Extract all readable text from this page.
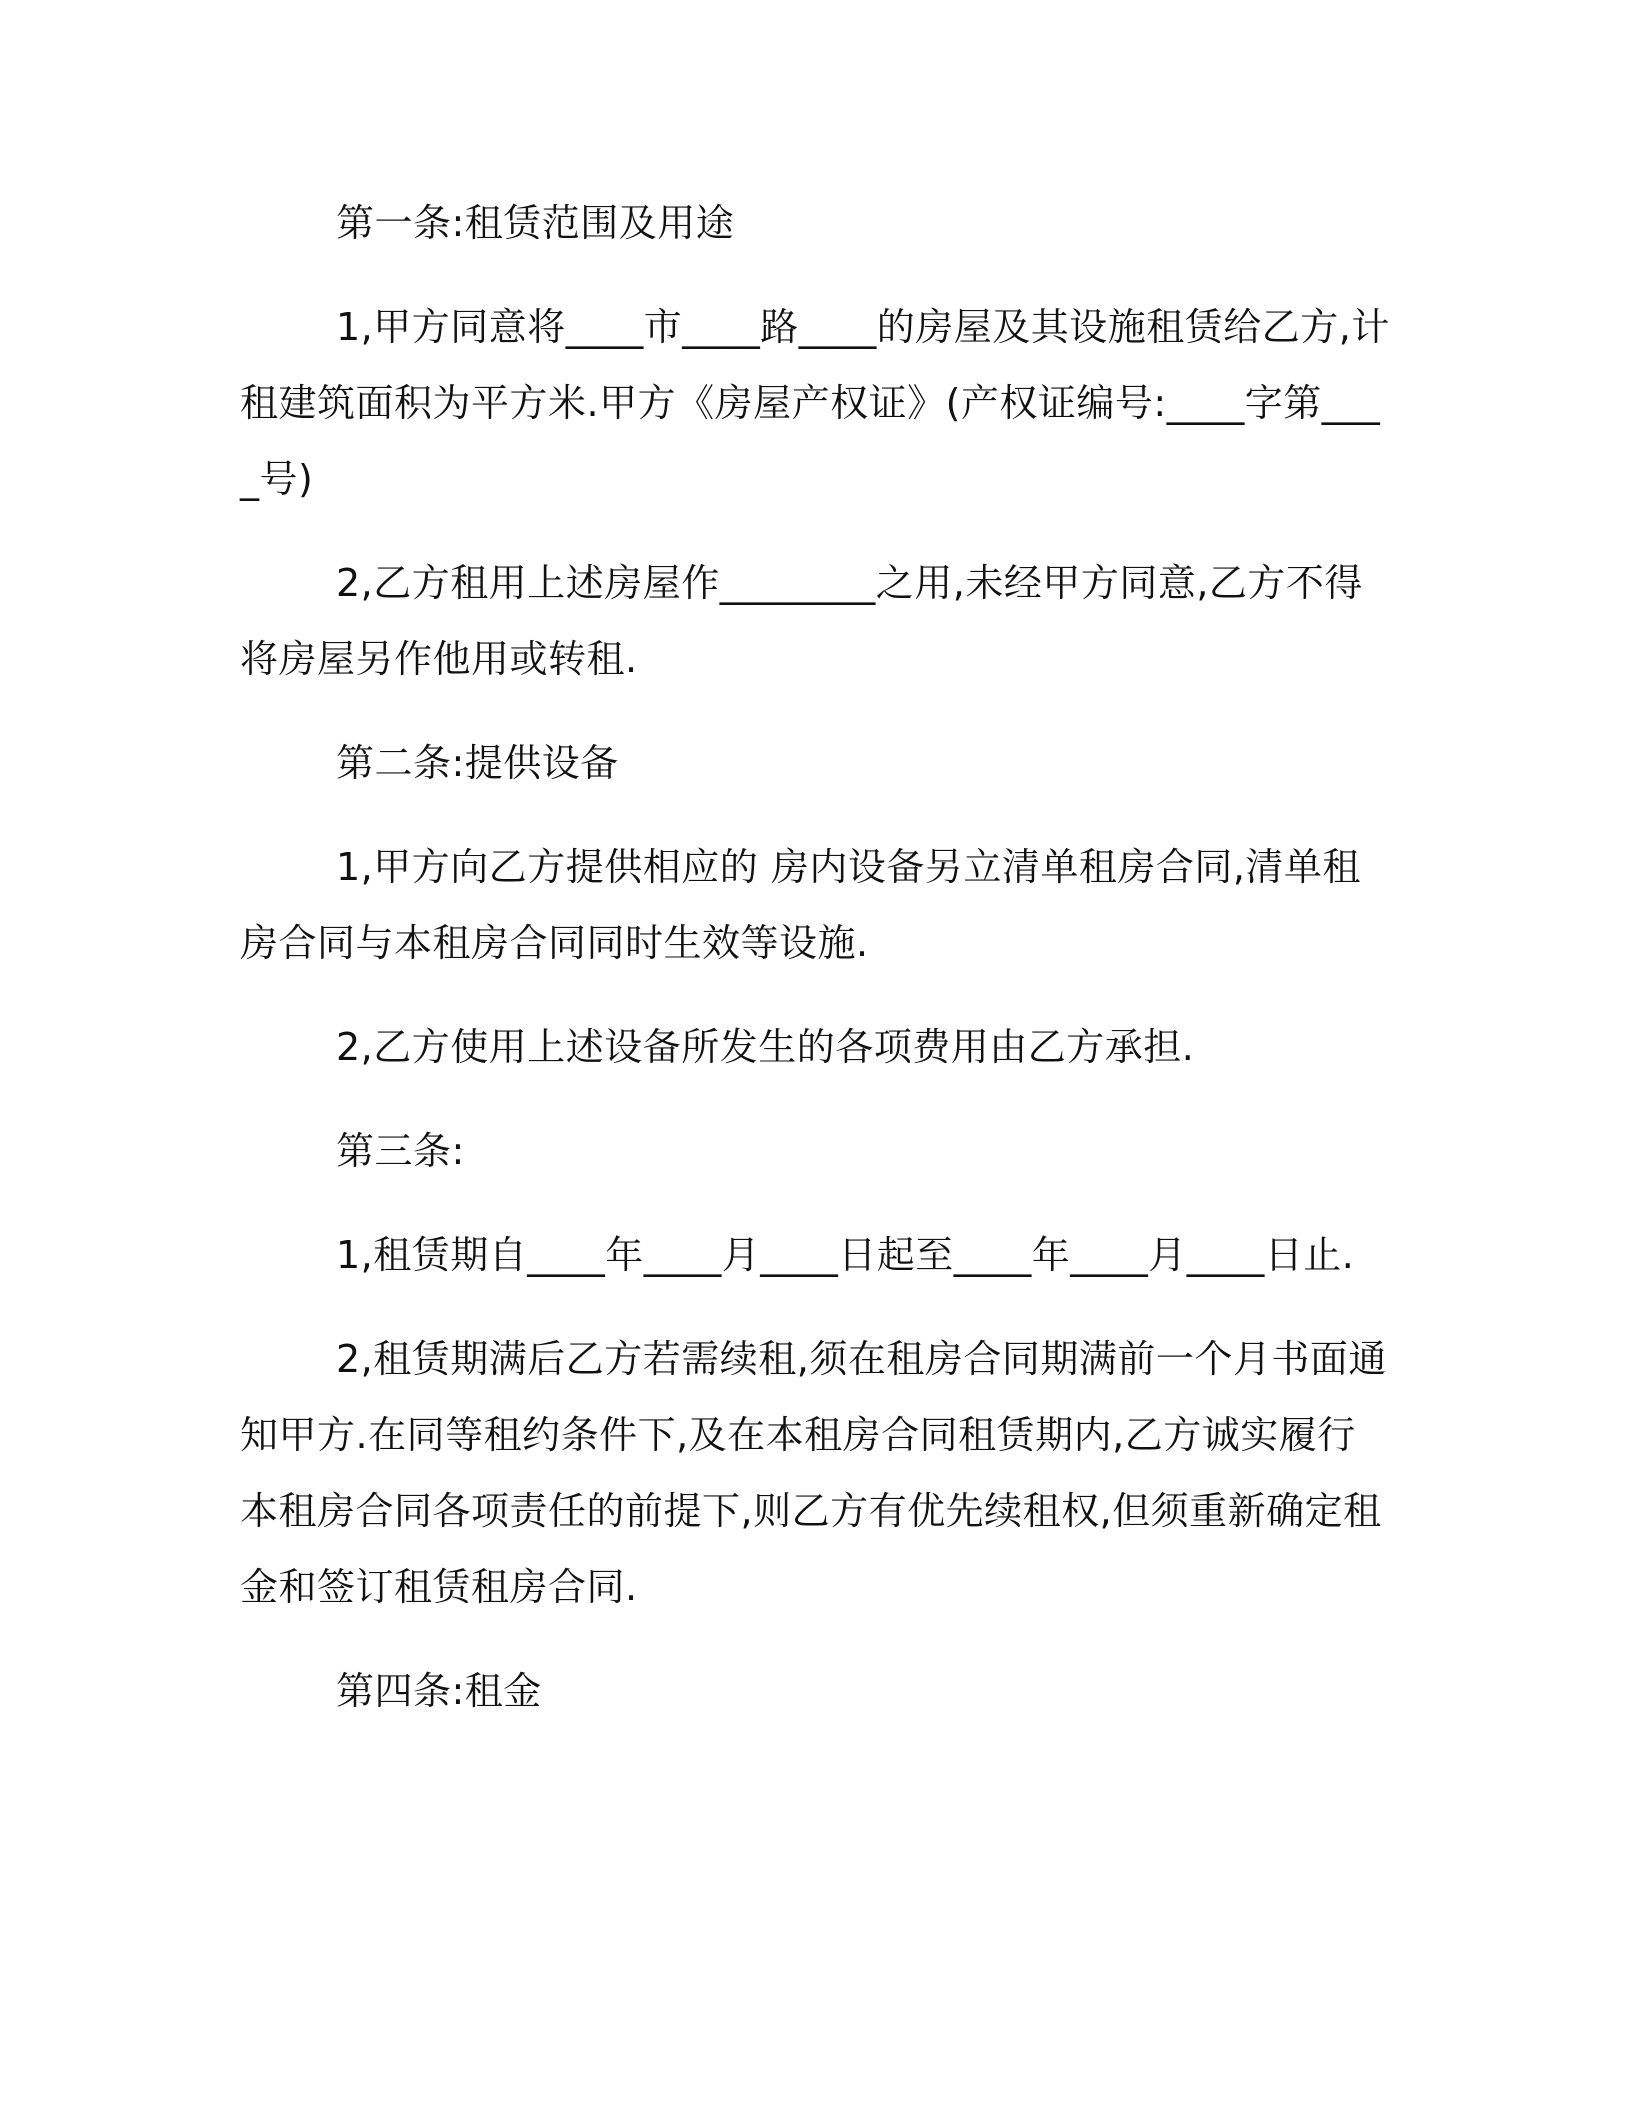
第一条:租赁范围及用途

1,甲方同意将____市____路____的房屋及其设施租赁给乙方,计租建筑面积为平方米.甲方《房屋产权证》(产权证编号:____字第____号)

2,乙方租用上述房屋作________之用,未经甲方同意,乙方不得将房屋另作他用或转租.

第二条:提供设备

1,甲方向乙方提供相应的 房内设备另立清单租房合同,清单租房合同与本租房合同同时生效等设施.

2,乙方使用上述设备所发生的各项费用由乙方承担.

第三条:

1,租赁期自____年____月____日起至____年____月____日止.

2,租赁期满后乙方若需续租,须在租房合同期满前一个月书面通知甲方.在同等租约条件下,及在本租房合同租赁期内,乙方诚实履行本租房合同各项责任的前提下,则乙方有优先续租权,但须重新确定租金和签订租赁租房合同.

第四条:租金
